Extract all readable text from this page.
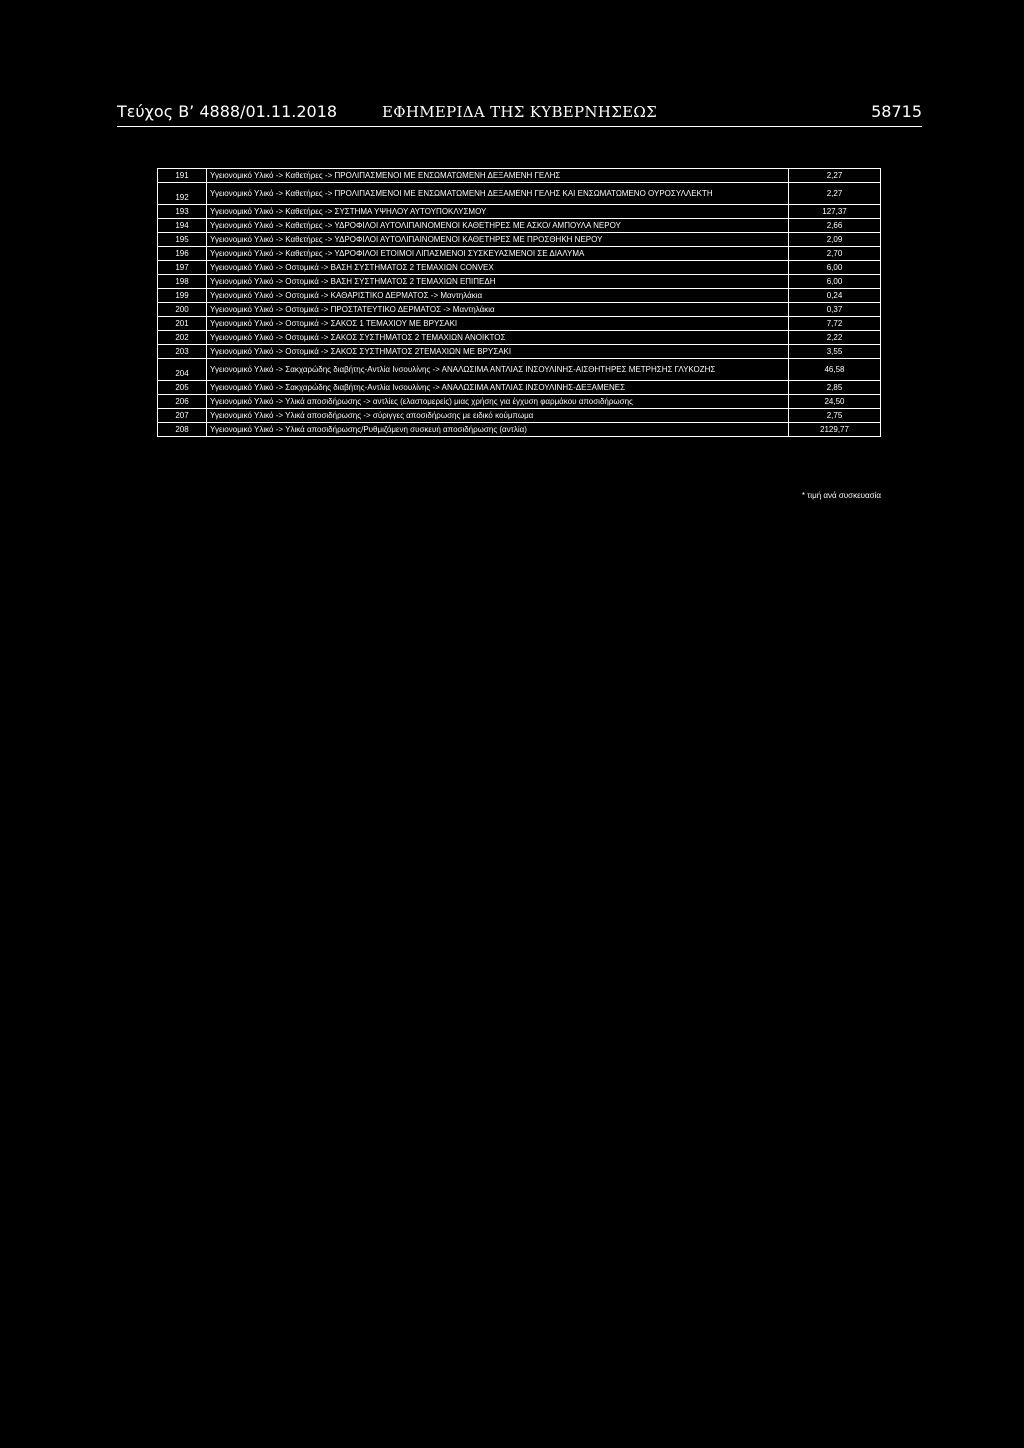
Τεύχος Β’ 4888/01.11.2018	ΕΦΗΜΕΡΙΔΑ ΤΗΣ ΚΥΒΕΡΝΗΣΕΩΣ	58715
191	Υγειονομικό Υλικό -> Καθετήρες -> ΠΡΟΛΙΠΑΣΜΕΝΟΙ ΜΕ ΕΝΣΩΜΑΤΩΜΕΝΗ ΔΕΞΑΜΕΝΗ ΓΕΛΗΣ	2,27
192	Υγειονομικό Υλικό -> Καθετήρες -> ΠΡΟΛΙΠΑΣΜΕΝΟΙ ΜΕ ΕΝΣΩΜΑΤΩΜΕΝΗ ΔΕΞΑΜΕΝΗ ΓΕΛΗΣ ΚΑΙ ΕΝΣΩΜΑΤΩΜΕΝΟ ΟΥΡΟΣΥΛΛΕΚΤΗ	2,27
193	Υγειονομικό Υλικό -> Καθετήρες -> ΣΥΣΤΗΜΑ ΥΨΗΛΟΥ ΑΥΤΟΥΠΟΚΛΥΣΜΟΥ	127,37
194	Υγειονομικό Υλικό -> Καθετήρες -> ΥΔΡΟΦΙΛΟΙ ΑΥΤΟΛΙΠΑΙΝΟΜΕΝΟΙ ΚΑΘΕΤΗΡΕΣ ΜΕ ΑΣΚΟ/ ΑΜΠΟΥΛΑ ΝΕΡΟΥ	2,66
195	Υγειονομικό Υλικό -> Καθετήρες -> ΥΔΡΟΦΙΛΟΙ ΑΥΤΟΛΙΠΑΙΝΟΜΕΝΟΙ ΚΑΘΕΤΗΡΕΣ ΜΕ ΠΡΟΣΘΗΚΗ ΝΕΡΟΥ	2,09
196	Υγειονομικό Υλικό -> Καθετήρες -> ΥΔΡΟΦΙΛΟΙ ΕΤΟΙΜΟΙ ΛΙΠΑΣΜΕΝΟΙ ΣΥΣΚΕΥΑΣΜΕΝΟΙ ΣΕ ΔΙΑΛΥΜΑ	2,70
197	Υγειονομικό Υλικό -> Οστομικά -> ΒΑΣΗ ΣΥΣΤΗΜΑΤΟΣ 2 ΤΕΜΑΧΙΩΝ CONVEX	6,00
198	Υγειονομικό Υλικό -> Οστομικά -> ΒΑΣΗ ΣΥΣΤΗΜΑΤΟΣ 2 ΤΕΜΑΧΙΩΝ ΕΠΙΠΕΔΗ	6,00
199	Υγειονομικό Υλικό -> Οστομικά -> ΚΑΘΑΡΙΣΤΙΚΟ ΔΕΡΜΑΤΟΣ -> Μαντηλάκια	0,24
200	Υγειονομικό Υλικό -> Οστομικά -> ΠΡΟΣΤΑΤΕΥΤΙΚΟ ΔΕΡΜΑΤΟΣ -> Μαντηλάκια	0,37
201	Υγειονομικό Υλικό -> Οστομικά -> ΣΑΚΟΣ 1 ΤΕΜΑΧΙΟΥ ΜΕ ΒΡΥΣΑΚΙ	7,72
202	Υγειονομικό Υλικό -> Οστομικά -> ΣΑΚΟΣ ΣΥΣΤΗΜΑΤΟΣ 2 ΤΕΜΑΧΙΩΝ ΑΝΟΙΚΤΟΣ	2,22
203	Υγειονομικό Υλικό -> Οστομικά -> ΣΑΚΟΣ ΣΥΣΤΗΜΑΤΟΣ 2ΤΕΜΑΧΙΩΝ ΜΕ ΒΡΥΣΑΚΙ	3,55
204	Υγειονομικό Υλικό -> Σακχαρώδης διαβήτης-Αντλία Ινσουλίνης -> ΑΝΑΛΩΣΙΜΑ ΑΝΤΛΙΑΣ ΙΝΣΟΥΛΙΝΗΣ-ΑΙΣΘΗΤΗΡΕΣ ΜΕΤΡΗΣΗΣ ΓΛΥΚΟΖΗΣ	46,58
205	Υγειονομικό Υλικό -> Σακχαρώδης διαβήτης-Αντλία Ινσουλίνης -> ΑΝΑΛΩΣΙΜΑ ΑΝΤΛΙΑΣ ΙΝΣΟΥΛΙΝΗΣ-ΔΕΞΑΜΕΝΕΣ	2,85
206	Υγειονομικό Υλικό -> Υλικά αποσιδήρωσης -> αντλίες (ελαστομερείς) μιας χρήσης για έγχυση φαρμάκου αποσιδήρωσης	24,50
207	Υγειονομικό Υλικό -> Υλικά αποσιδήρωσης -> σύριγγες αποσιδήρωσης με ειδικό κούμπωμα	2,75
208	Υγειονομικό Υλικό -> Υλικά αποσιδήρωσης/Ρυθμιζόμενη συσκευή αποσιδήρωσης (αντλία)	2129,77
* τιμή ανά συσκευασία
